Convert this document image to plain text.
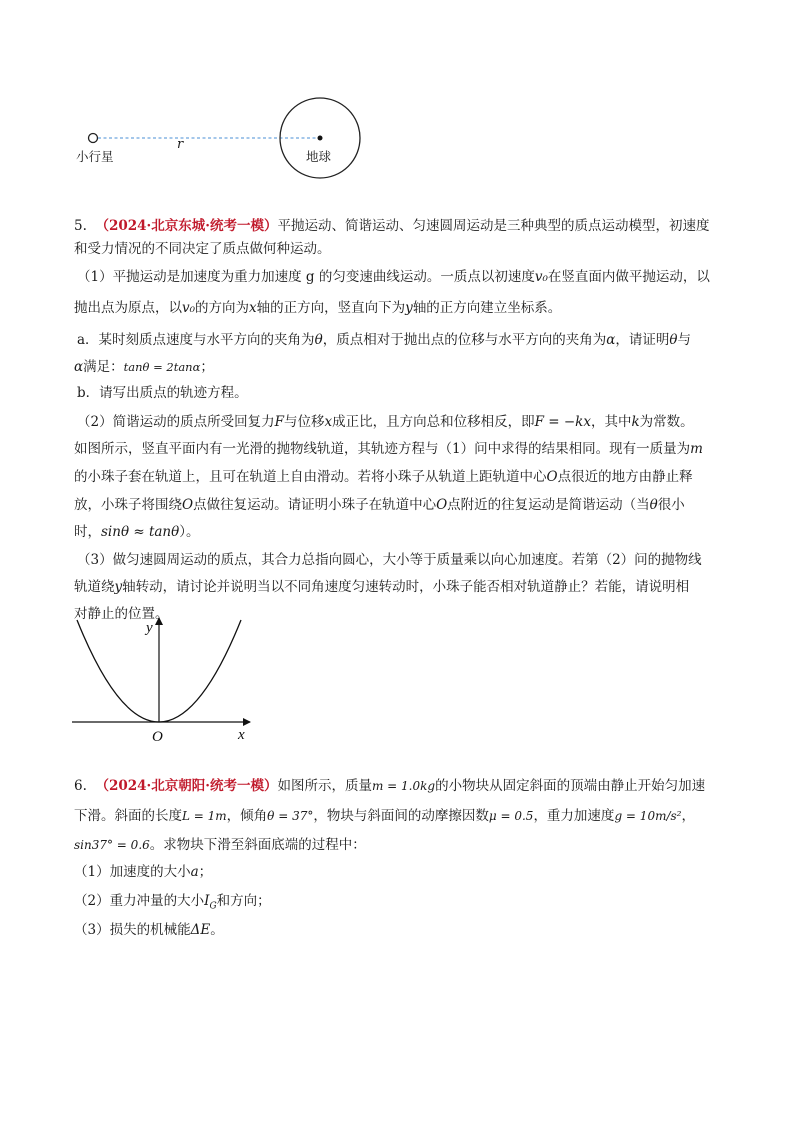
小行星
r
地球
5. （2024·北京东城·统考一模）平抛运动、简谐运动、匀速圆周运动是三种典型的质点运动模型，初速度
和受力情况的不同决定了质点做何种运动。
（1）平抛运动是加速度为重力加速度 g 的匀变速曲线运动。一质点以初速度v₀在竖直面内做平抛运动，以
抛出点为原点，以v₀的方向为x轴的正方向，竖直向下为y轴的正方向建立坐标系。
a．某时刻质点速度与水平方向的夹角为θ，质点相对于抛出点的位移与水平方向的夹角为α，请证明θ与
α满足：tanθ = 2tanα；
b．请写出质点的轨迹方程。
（2）简谐运动的质点所受回复力F与位移x成正比，且方向总和位移相反，即F = −kx，其中k为常数。
如图所示，竖直平面内有一光滑的抛物线轨道，其轨迹方程与（1）问中求得的结果相同。现有一质量为m
的小珠子套在轨道上，且可在轨道上自由滑动。若将小珠子从轨道上距轨道中心O点很近的地方由静止释
放，小珠子将围绕O点做往复运动。请证明小珠子在轨道中心O点附近的往复运动是简谐运动（当θ很小
时，sinθ ≈ tanθ）。
（3）做匀速圆周运动的质点，其合力总指向圆心，大小等于质量乘以向心加速度。若第（2）问的抛物线
轨道绕y轴转动，请讨论并说明当以不同角速度匀速转动时，小珠子能否相对轨道静止？若能，请说明相
对静止的位置。
y
x
O
6. （2024·北京朝阳·统考一模）如图所示，质量m = 1.0kg的小物块从固定斜面的顶端由静止开始匀加速
下滑。斜面的长度L = 1m，倾角θ = 37°，物块与斜面间的动摩擦因数μ = 0.5，重力加速度g = 10m/s²，
sin37° = 0.6。求物块下滑至斜面底端的过程中：
（1）加速度的大小a；
（2）重力冲量的大小$I_G$和方向；
（3）损失的机械能ΔE。
